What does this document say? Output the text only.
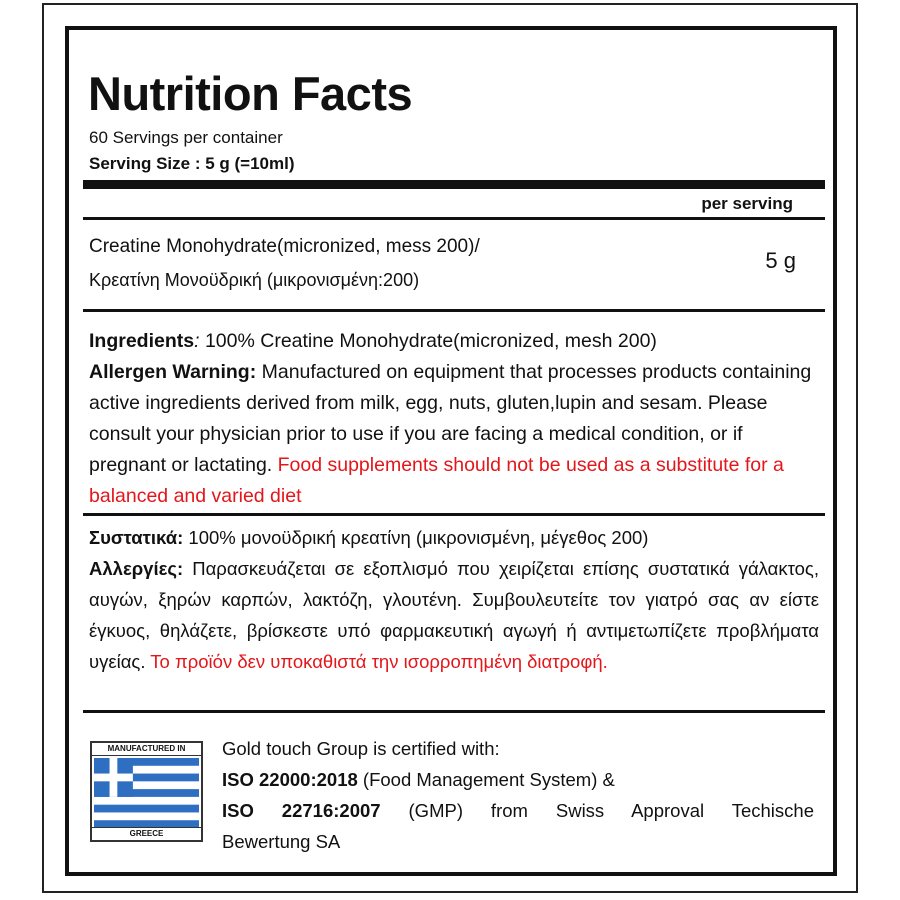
Nutrition Facts
60 Servings per container
Serving Size : 5 g (=10ml)
per serving
Creatine Monohydrate(micronized, mess 200)/
Κρεατίνη Μονοϋδρική (μικρονισμένη:200)
5 g

Ingredients: 100% Creatine Monohydrate(micronized, mesh 200)
Allergen Warning: Manufactured on equipment that processes products containing active ingredients derived from milk, egg, nuts, gluten,lupin and sesam. Please consult your physician prior to use if you are facing a medical condition, or if pregnant or lactating. Food supplements should not be used as a substitute for a balanced and varied diet

Συστατικά: 100% μονοϋδρική κρεατίνη (μικρονισμένη, μέγεθος 200)
Αλλεργίες: Παρασκευάζεται σε εξοπλισμό που χειρίζεται επίσης συστατικά γάλακτος, αυγών, ξηρών καρπών, λακτόζη, γλουτένη. Συμβουλευτείτε τον γιατρό σας αν είστε έγκυος, θηλάζετε, βρίσκεστε υπό φαρμακευτική αγωγή ή αντιμετωπίζετε προβλήματα υγείας. Το προϊόν δεν υποκαθιστά την ισορροπημένη διατροφή.

MANUFACTURED IN
GREECE
Gold touch Group is certified with:
ISO 22000:2018 (Food Management System) &
ISO 22716:2007 (GMP) from Swiss Approval Techische
Bewertung SA
